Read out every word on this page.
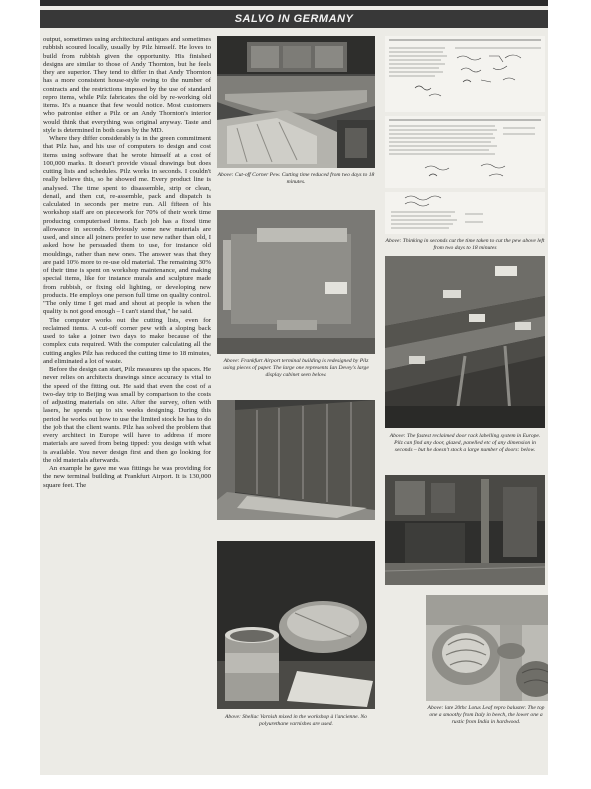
SALVO IN GERMANY

output, sometimes using architectural antiques and sometimes rubbish scoured locally, usually by Pilz himself. He loves to build from rubbish given the opportunity. His finished designs are similar to those of Andy Thornton, but he feels they are superior. They tend to differ in that Andy Thornton has a more consistent house-style owing to the number of contracts and the restrictions imposed by the use of standard repro items, while Pilz fabricates the old by re-working old items. It's a nuance that few would notice. Most customers who patronise either a Pilz or an Andy Thornton's interior would think that everything was original anyway. Taste and style is determined in both cases by the MD.

Where they differ considerably is in the green commitment that Pilz has, and his use of computers to design and cost items using software that he wrote himself at a cost of 100,000 marks. It doesn't provide visual drawings but does cutting lists and schedules. Pilz works in seconds. I couldn't really believe this, so he showed me. Every product line is analysed. The time spent to disassemble, strip or clean, denail, and then cut, re-assemble, pack and dispatch is calculated in seconds per metre run. All fifteen of his workshop staff are on piecework for 70% of their work time producing computerised items. Each job has a fixed time allowance in seconds. Obviously some new materials are used, and since all joiners prefer to use new rather than old, I asked how he persuaded them to use, for instance old mouldings, rather than new ones. The answer was that they are paid 10% more to re-use old material. The remaining 30% of their time is spent on workshop maintenance, and making special items, like for instance murals and sculpture made from rubbish, or fixing old lighting, or developing new products. He employs one person full time on quality control. "The only time I get mad and shout at people is when the quality is not good enough – I can't stand that," he said.

The computer works out the cutting lists, even for reclaimed items. A cut-off corner pew with a sloping back used to take a joiner two days to make because of the complex cuts required. With the computer calculating all the cutting angles Pilz has reduced the cutting time to 18 minutes, and eliminated a lot of waste.

Before the design can start, Pilz measures up the spaces. He never relies on architects drawings since accuracy is vital to the speed of the fitting out. He said that even the cost of a two-day trip to Beijing was small by comparison to the costs of adjusting materials on site. After the survey, often with lasers, he spends up to six weeks designing. During this period he works out how to use the limited stock he has to do the job that the client wants. Pilz has solved the problem that every architect in Europe will have to address if more materials are saved from being tipped: you design with what is available. You never design first and then go looking for the old materials afterwards.

An example he gave me was fittings he was providing for the new terminal building at Frankfurt Airport. It is 130,000 square feet. The

Above: Cut-off Corner Pew. Cutting time reduced from two days to 18 minutes.
Above: Frankfurt Airport terminal building is redesigned by Pilz using pieces of paper. The large one represents Ian Devey's large display cabinet seen below.
Above: Shellac Varnish mixed in the workshop à l'ancienne. No polyurethane varnishes are used.
Above: Thinking in seconds cut the time taken to cut the pew above left from two days to 18 minutes
Above: The fastest reclaimed door rack labelling system in Europe. Pilz can find any door, glazed, panelled etc of any dimension in seconds – but he doesn't stock a large number of doors: below.
Above: late 20thc Lotus Leaf repro baluster. The top one a smoothy from Italy in beech, the lower one a rustic from India in hardwood.
